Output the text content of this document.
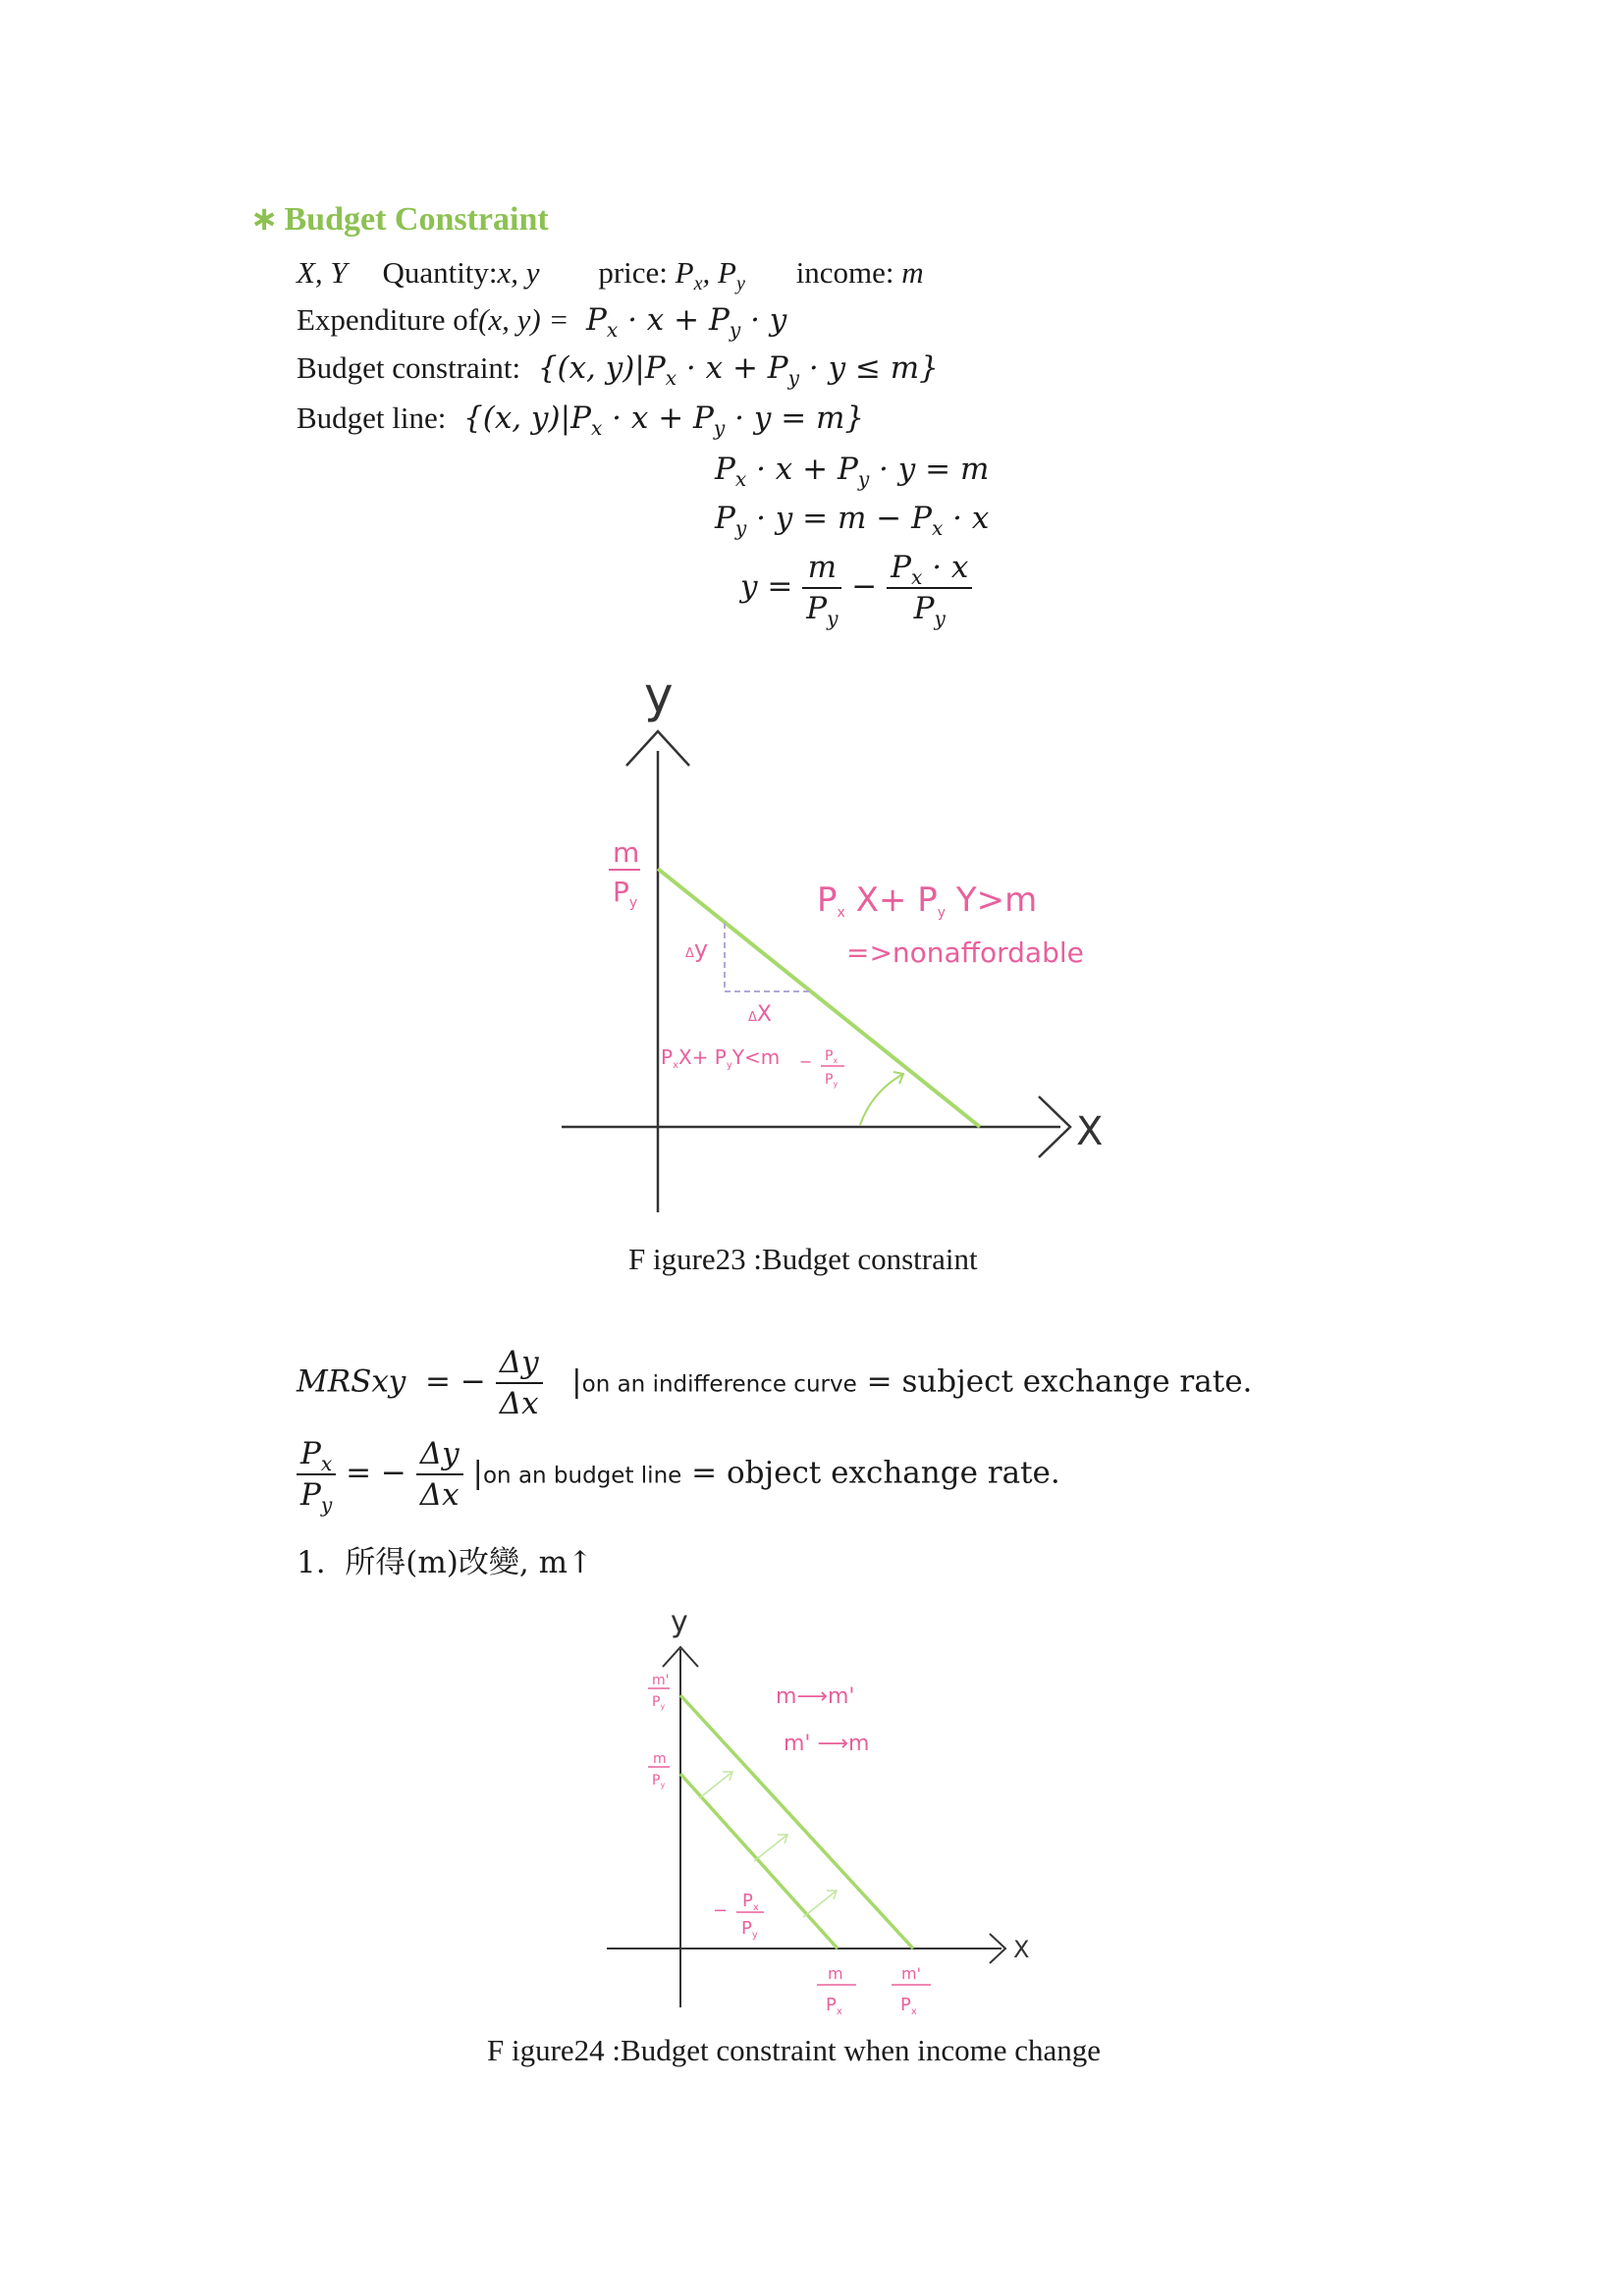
∗ Budget Constraint
X, Y Quantity:x, y price: $P_x$, $P_y$ income: m
Expenditure of(x, $y) = P_x \cdot x + P_y \cdot y$
Budget constraint:  {(x, $y)|P_x \cdot x + P_y \cdot y \le m$}
Budget line:  {(x, $y)|P_x \cdot x + P_y \cdot y = m$}
$P_x \cdot x + P_y \cdot y = m$
$P_y \cdot y = m - P_x \cdot x$
$y = \frac{m}{P_y} - \frac{P_x \cdot x}{P_y}$
y
X
m
$P_y$	Px X+ Py Y>m
=>nonaffordable
Δy
ΔX
$P_xX+ P_yY<m - P_x$
$P_y$
F igure23 :Budget constraint
MRSxy  = − $\frac{\Delta y}{\Delta x} |on$ an indifference curve = subject exchange rate.
$\frac{P_x}{P_y}$ = − $\frac{\Delta y}{\Delta x} |on$ an budget line = object exchange rate.
1. 所得(m)改變, m↑
y
X
m'
$P_y$
m
$P_y$
m⟶m'
m' ⟶m
− $P_x$
$P_y$
m
$P_x$
m'
$P_x$
F igure24 :Budget constraint when income change
